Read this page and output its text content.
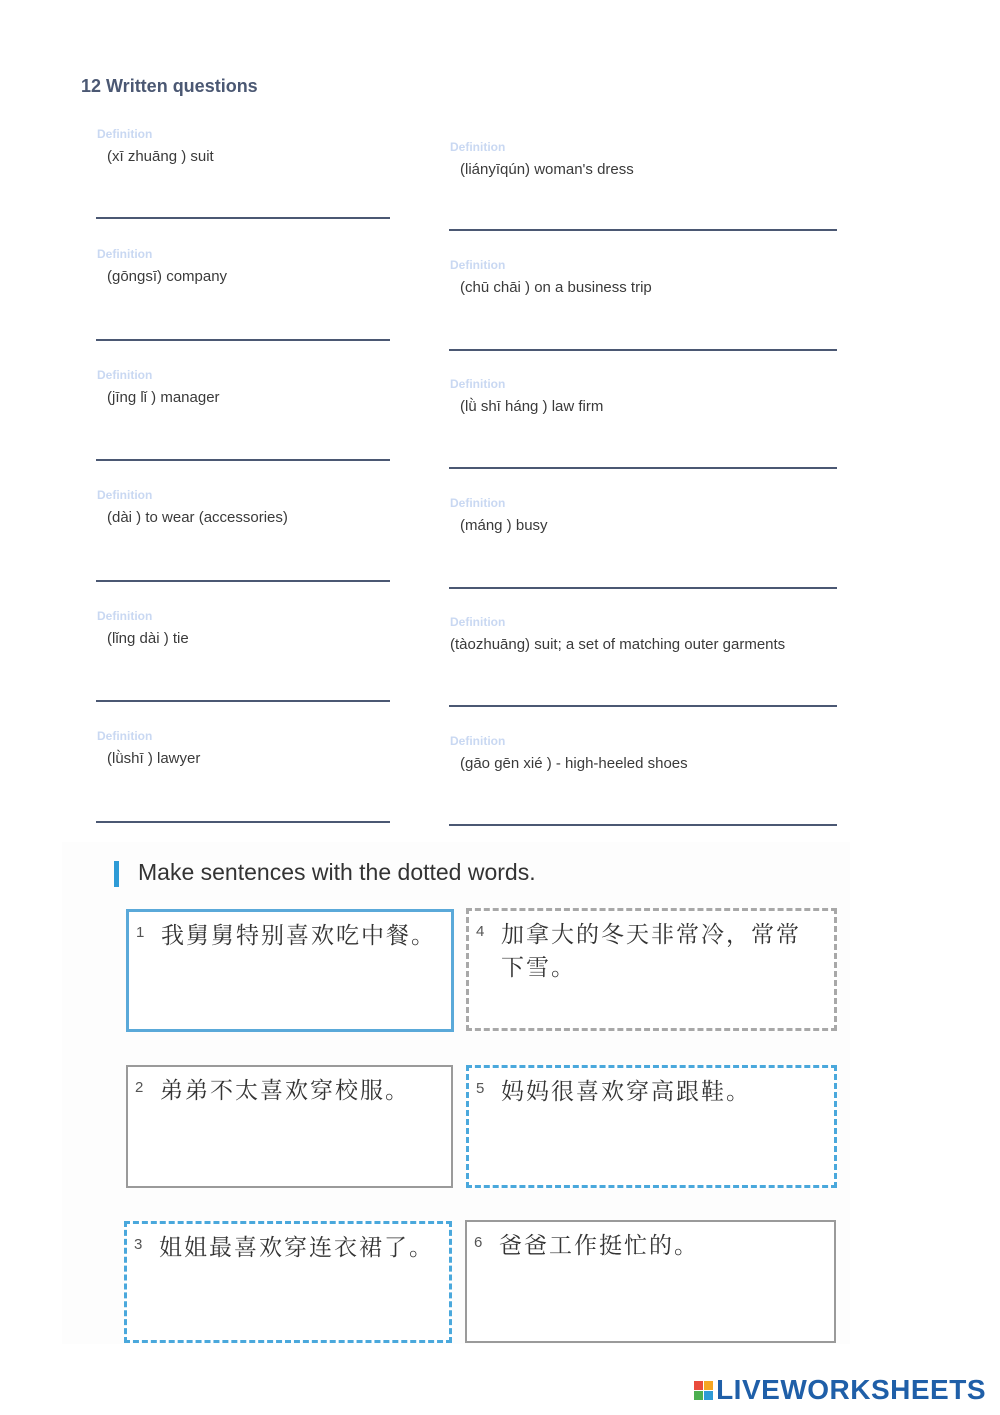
12 Written questions
Definition
(xī zhuāng ) suit
Definition
(gōngsī) company
Definition
(jīng lǐ ) manager
Definition
(dài ) to wear (accessories)
Definition
(lǐng dài ) tie
Definition
(lǜshī ) lawyer
Definition
(liányīqún) woman's dress
Definition
(chū chāi ) on a business trip
Definition
(lǜ shī háng ) law firm
Definition
(máng ) busy
Definition
(tàozhuāng) suit; a set of matching outer garments
Definition
(gāo gēn xié ) - high-heeled shoes
Make sentences with the dotted words.
1 我舅舅特别喜欢吃中餐。
2 弟弟不太喜欢穿校服。
3 姐姐最喜欢穿连衣裙了。
4 加拿大的冬天非常冷，常常下雪。
5 妈妈很喜欢穿高跟鞋。
6 爸爸工作挺忙的。
LIVEWORKSHEETS
